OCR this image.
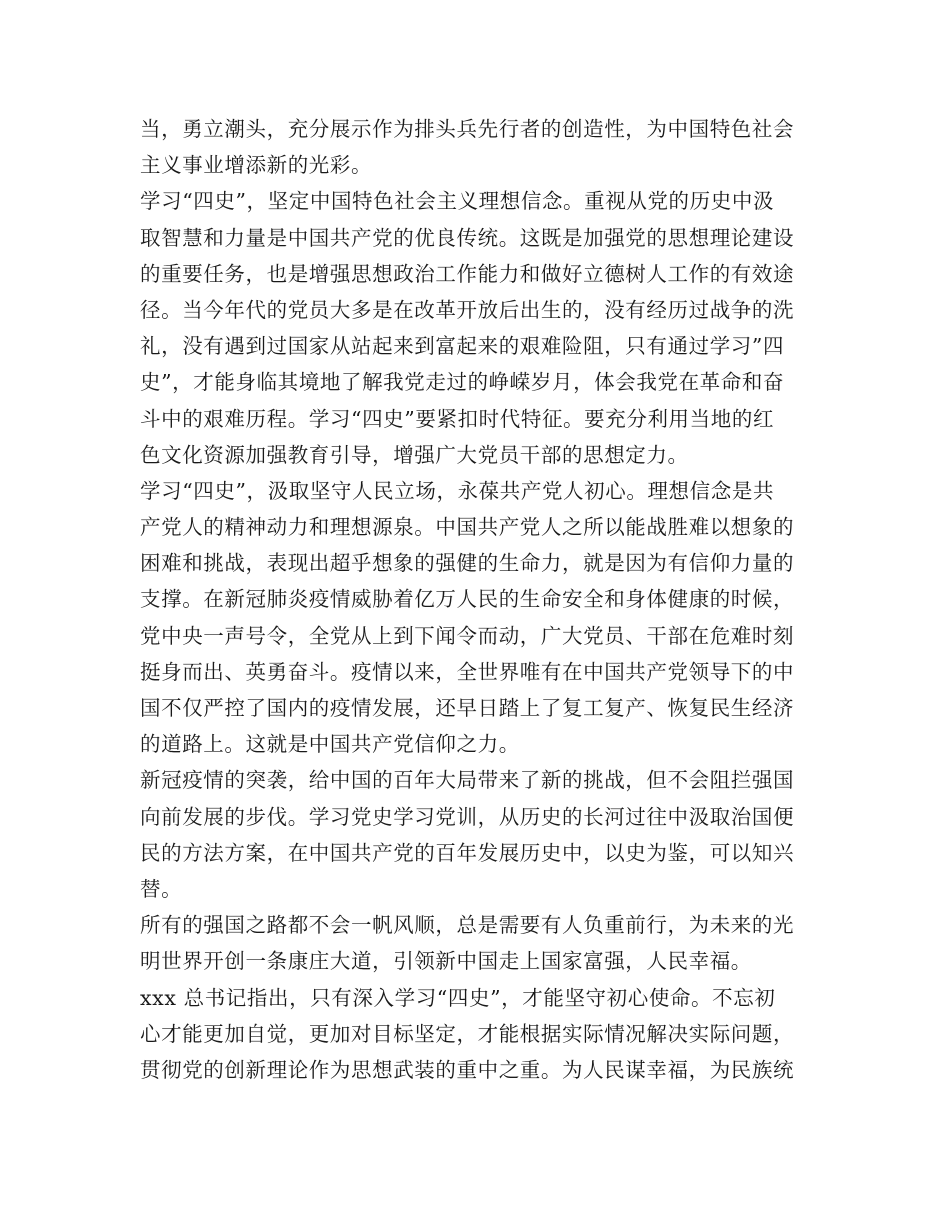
当，勇立潮头，充分展示作为排头兵先行者的创造性，为中国特色社会
主义事业增添新的光彩。
学习“四史”，坚定中国特色社会主义理想信念。重视从党的历史中汲
取智慧和力量是中国共产党的优良传统。这既是加强党的思想理论建设
的重要任务，也是增强思想政治工作能力和做好立德树人工作的有效途
径。当今年代的党员大多是在改革开放后出生的，没有经历过战争的洗
礼，没有遇到过国家从站起来到富起来的艰难险阻，只有通过学习”四
史”，才能身临其境地了解我党走过的峥嵘岁月，体会我党在革命和奋
斗中的艰难历程。学习“四史”要紧扣时代特征。要充分利用当地的红
色文化资源加强教育引导，增强广大党员干部的思想定力。
学习“四史”，汲取坚守人民立场，永葆共产党人初心。理想信念是共
产党人的精神动力和理想源泉。中国共产党人之所以能战胜难以想象的
困难和挑战，表现出超乎想象的强健的生命力，就是因为有信仰力量的
支撑。在新冠肺炎疫情威胁着亿万人民的生命安全和身体健康的时候，
党中央一声号令，全党从上到下闻令而动，广大党员、干部在危难时刻
挺身而出、英勇奋斗。疫情以来，全世界唯有在中国共产党领导下的中
国不仅严控了国内的疫情发展，还早日踏上了复工复产、恢复民生经济
的道路上。这就是中国共产党信仰之力。
新冠疫情的突袭，给中国的百年大局带来了新的挑战，但不会阻拦强国
向前发展的步伐。学习党史学习党训，从历史的长河过往中汲取治国便
民的方法方案，在中国共产党的百年发展历史中，以史为鉴，可以知兴
替。
所有的强国之路都不会一帆风顺，总是需要有人负重前行，为未来的光
明世界开创一条康庄大道，引领新中国走上国家富强，人民幸福。
xxx 总书记指出，只有深入学习“四史”，才能坚守初心使命。不忘初
心才能更加自觉，更加对目标坚定，才能根据实际情况解决实际问题，
贯彻党的创新理论作为思想武装的重中之重。为人民谋幸福，为民族统
